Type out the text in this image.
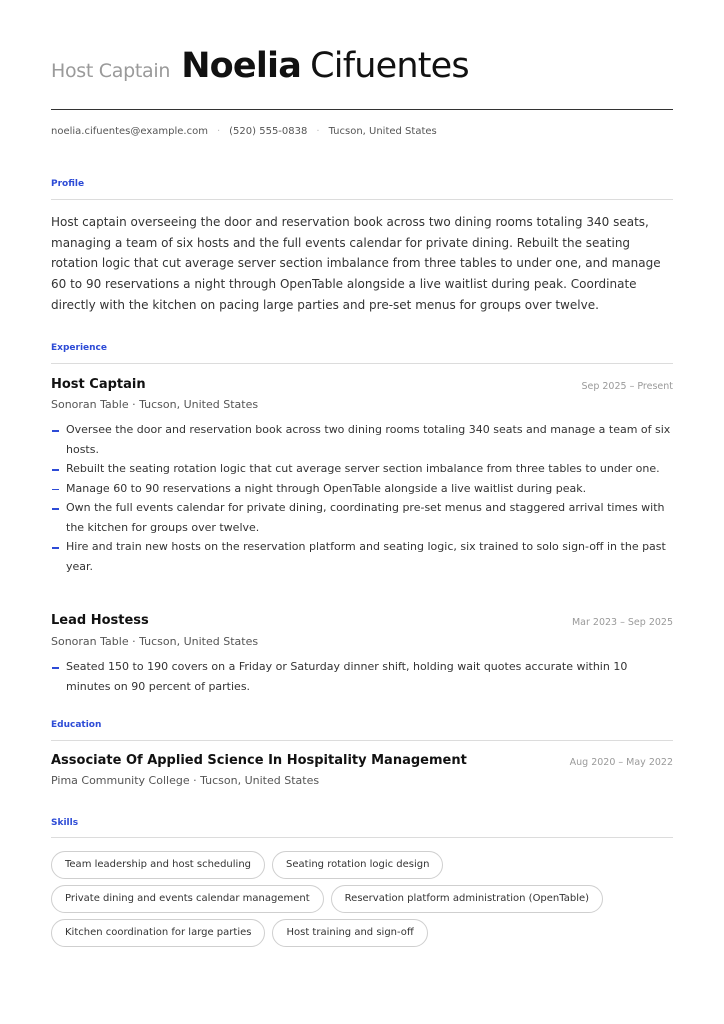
Host Captain Noelia Cifuentes
noelia.cifuentes@example.com · (520) 555-0838 · Tucson, United States
Profile
Host captain overseeing the door and reservation book across two dining rooms totaling 340 seats, managing a team of six hosts and the full events calendar for private dining. Rebuilt the seating rotation logic that cut average server section imbalance from three tables to under one, and manage 60 to 90 reservations a night through OpenTable alongside a live waitlist during peak. Coordinate directly with the kitchen on pacing large parties and pre-set menus for groups over twelve.
Experience
Host Captain	Sep 2025 – Present
Sonoran Table · Tucson, United States
Oversee the door and reservation book across two dining rooms totaling 340 seats and manage a team of six hosts.
Rebuilt the seating rotation logic that cut average server section imbalance from three tables to under one.
Manage 60 to 90 reservations a night through OpenTable alongside a live waitlist during peak.
Own the full events calendar for private dining, coordinating pre-set menus and staggered arrival times with the kitchen for groups over twelve.
Hire and train new hosts on the reservation platform and seating logic, six trained to solo sign-off in the past year.
Lead Hostess	Mar 2023 – Sep 2025
Sonoran Table · Tucson, United States
Seated 150 to 190 covers on a Friday or Saturday dinner shift, holding wait quotes accurate within 10 minutes on 90 percent of parties.
Education
Associate Of Applied Science In Hospitality Management	Aug 2020 – May 2022
Pima Community College · Tucson, United States
Skills
Team leadership and host scheduling	Seating rotation logic design
Private dining and events calendar management	Reservation platform administration (OpenTable)
Kitchen coordination for large parties	Host training and sign-off
